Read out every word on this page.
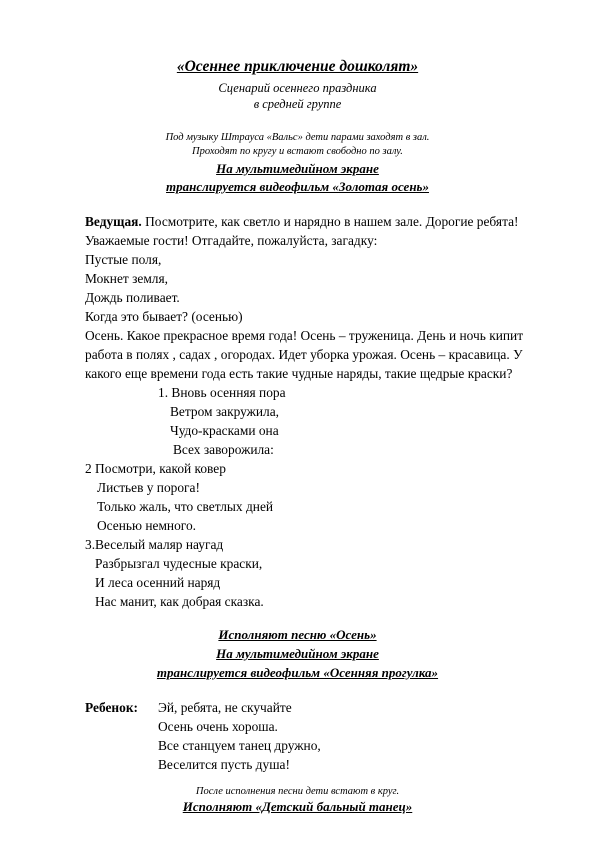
«Осеннее приключение дошколят»
Сценарий осеннего праздника
в средней группе
Под музыку Штрауса «Вальс» дети парами заходят в зал.
Проходят по кругу и встают свободно по залу.
На мультимедийном экране
транслируется видеофильм «Золотая осень»
Ведущая. Посмотрите, как светло и нарядно в нашем зале. Дорогие ребята!
Уважаемые гости! Отгадайте, пожалуйста, загадку:
Пустые поля,
Мокнет земля,
Дождь поливает.
Когда это бывает? (осенью)
Осень. Какое прекрасное время года! Осень – труженица. День и ночь кипит
работа в полях , садах , огородах. Идет уборка урожая. Осень – красавица. У
какого еще времени года есть такие чудные наряды, такие щедрые краски?
1. Вновь осенняя пора
Ветром закружила,
Чудо-красками она
Всех заворожила:
2 Посмотри, какой ковер
Листьев у порога!
Только жаль, что светлых дней
Осенью немного.
3.Веселый маляр наугад
Разбрызгал чудесные краски,
И леса осенний наряд
Нас манит, как добрая сказка.
Исполняют песню «Осень»
На мультимедийном экране
транслируется видеофильм «Осенняя прогулка»
Ребенок: Эй, ребята, не скучайте
Осень очень хороша.
Все станцуем танец дружно,
Веселится пусть душа!
После исполнения песни дети встают в круг.
Исполняют «Детский бальный танец»
